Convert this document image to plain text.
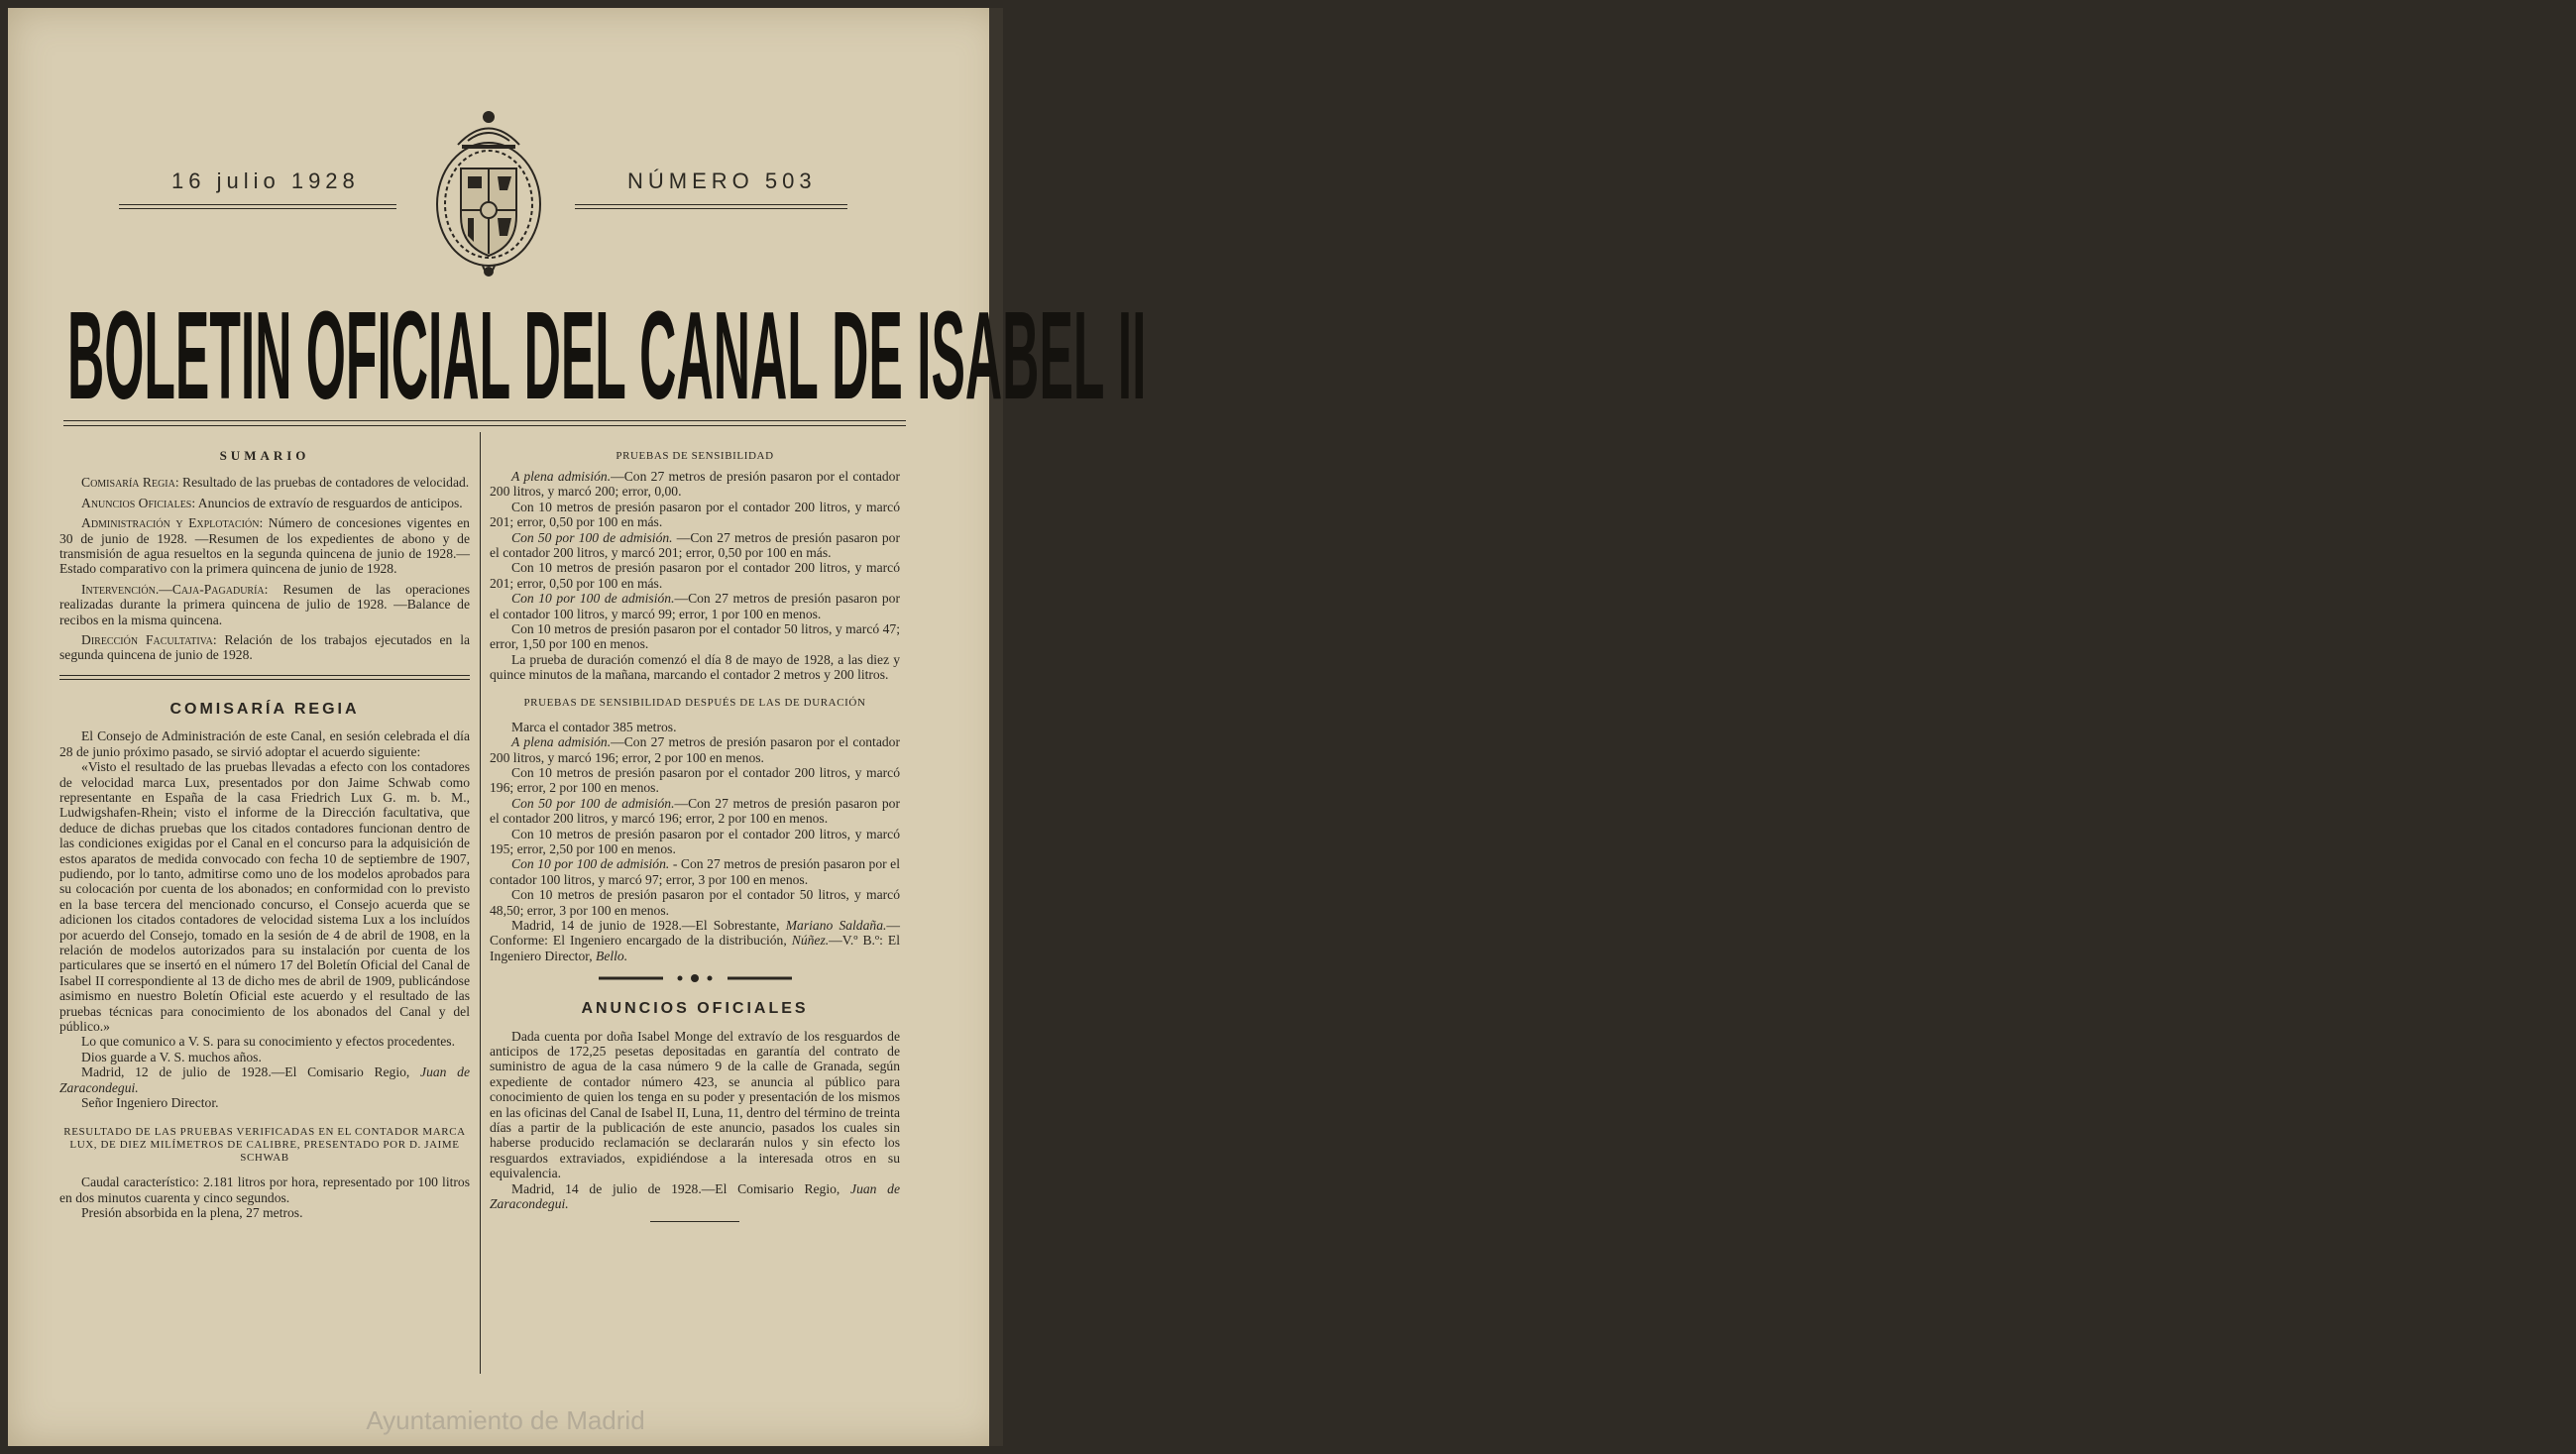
16 julio 1928	NÚMERO 503
BOLETIN OFICIAL DEL CANAL DE ISABEL II

SUMARIO

Comisaría Regia: Resultado de las pruebas de contadores de velocidad.

Anuncios Oficiales: Anuncios de extravío de resguardos de anticipos.

Administración y Explotación: Número de concesiones vigentes en 30 de junio de 1928. —Resumen de los expedientes de abono y de transmisión de agua resueltos en la segunda quincena de junio de 1928.—Estado comparativo con la primera quincena de junio de 1928.

Intervención.—Caja-Pagaduría: Resumen de las operaciones realizadas durante la primera quincena de julio de 1928. —Balance de recibos en la misma quincena.

Dirección Facultativa: Relación de los trabajos ejecutados en la segunda quincena de junio de 1928.

COMISARÍA REGIA

El Consejo de Administración de este Canal, en sesión celebrada el día 28 de junio próximo pasado, se sirvió adoptar el acuerdo siguiente:

«Visto el resultado de las pruebas llevadas a efecto con los contadores de velocidad marca Lux, presentados por don Jaime Schwab como representante en España de la casa Friedrich Lux G. m. b. M., Ludwigshafen-Rhein; visto el informe de la Dirección facultativa, que deduce de dichas pruebas que los citados contadores funcionan dentro de las condiciones exigidas por el Canal en el concurso para la adquisición de estos aparatos de medida convocado con fecha 10 de septiembre de 1907, pudiendo, por lo tanto, admitirse como uno de los modelos aprobados para su colocación por cuenta de los abonados; en conformidad con lo previsto en la base tercera del mencionado concurso, el Consejo acuerda que se adicionen los citados contadores de velocidad sistema Lux a los incluídos por acuerdo del Consejo, tomado en la sesión de 4 de abril de 1908, en la relación de modelos autorizados para su instalación por cuenta de los particulares que se insertó en el número 17 del Boletín Oficial del Canal de Isabel II correspondiente al 13 de dicho mes de abril de 1909, publicándose asimismo en nuestro Boletín Oficial este acuerdo y el resultado de las pruebas técnicas para conocimiento de los abonados del Canal y del público.»

Lo que comunico a V. S. para su conocimiento y efectos procedentes.

Dios guarde a V. S. muchos años.

Madrid, 12 de julio de 1928.—El Comisario Regio, Juan de Zaracondegui.

Señor Ingeniero Director.

RESULTADO DE LAS PRUEBAS VERIFICADAS EN EL CONTADOR MARCA LUX, DE DIEZ MILÍMETROS DE CALIBRE, PRESENTADO POR D. JAIME SCHWAB

Caudal característico: 2.181 litros por hora, representado por 100 litros en dos minutos cuarenta y cinco segundos.

Presión absorbida en la plena, 27 metros.

PRUEBAS DE SENSIBILIDAD

A plena admisión.—Con 27 metros de presión pasaron por el contador 200 litros, y marcó 200; error, 0,00.

Con 10 metros de presión pasaron por el contador 200 litros, y marcó 201; error, 0,50 por 100 en más.

Con 50 por 100 de admisión. —Con 27 metros de presión pasaron por el contador 200 litros, y marcó 201; error, 0,50 por 100 en más.

Con 10 metros de presión pasaron por el contador 200 litros, y marcó 201; error, 0,50 por 100 en más.

Con 10 por 100 de admisión.—Con 27 metros de presión pasaron por el contador 100 litros, y marcó 99; error, 1 por 100 en menos.

Con 10 metros de presión pasaron por el contador 50 litros, y marcó 47; error, 1,50 por 100 en menos.

La prueba de duración comenzó el día 8 de mayo de 1928, a las diez y quince minutos de la mañana, marcando el contador 2 metros y 200 litros.

PRUEBAS DE SENSIBILIDAD DESPUÉS DE LAS DE DURACIÓN

Marca el contador 385 metros.

A plena admisión.—Con 27 metros de presión pasaron por el contador 200 litros, y marcó 196; error, 2 por 100 en menos.

Con 10 metros de presión pasaron por el contador 200 litros, y marcó 196; error, 2 por 100 en menos.

Con 50 por 100 de admisión.—Con 27 metros de presión pasaron por el contador 200 litros, y marcó 196; error, 2 por 100 en menos.

Con 10 metros de presión pasaron por el contador 200 litros, y marcó 195; error, 2,50 por 100 en menos.

Con 10 por 100 de admisión. - Con 27 metros de presión pasaron por el contador 100 litros, y marcó 97; error, 3 por 100 en menos.

Con 10 metros de presión pasaron por el contador 50 litros, y marcó 48,50; error, 3 por 100 en menos.

Madrid, 14 de junio de 1928.—El Sobrestante, Mariano Saldaña.—Conforme: El Ingeniero encargado de la distribución, Núñez.—V.º B.º: El Ingeniero Director, Bello.

ANUNCIOS OFICIALES

Dada cuenta por doña Isabel Monge del extravío de los resguardos de anticipos de 172,25 pesetas depositadas en garantía del contrato de suministro de agua de la casa número 9 de la calle de Granada, según expediente de contador número 423, se anuncia al público para conocimiento de quien los tenga en su poder y presentación de los mismos en las oficinas del Canal de Isabel II, Luna, 11, dentro del término de treinta días a partir de la publicación de este anuncio, pasados los cuales sin haberse producido reclamación se declararán nulos y sin efecto los resguardos extraviados, expidiéndose a la interesada otros en su equivalencia.

Madrid, 14 de julio de 1928.—El Comisario Regio, Juan de Zaracondegui.

Ayuntamiento de Madrid
